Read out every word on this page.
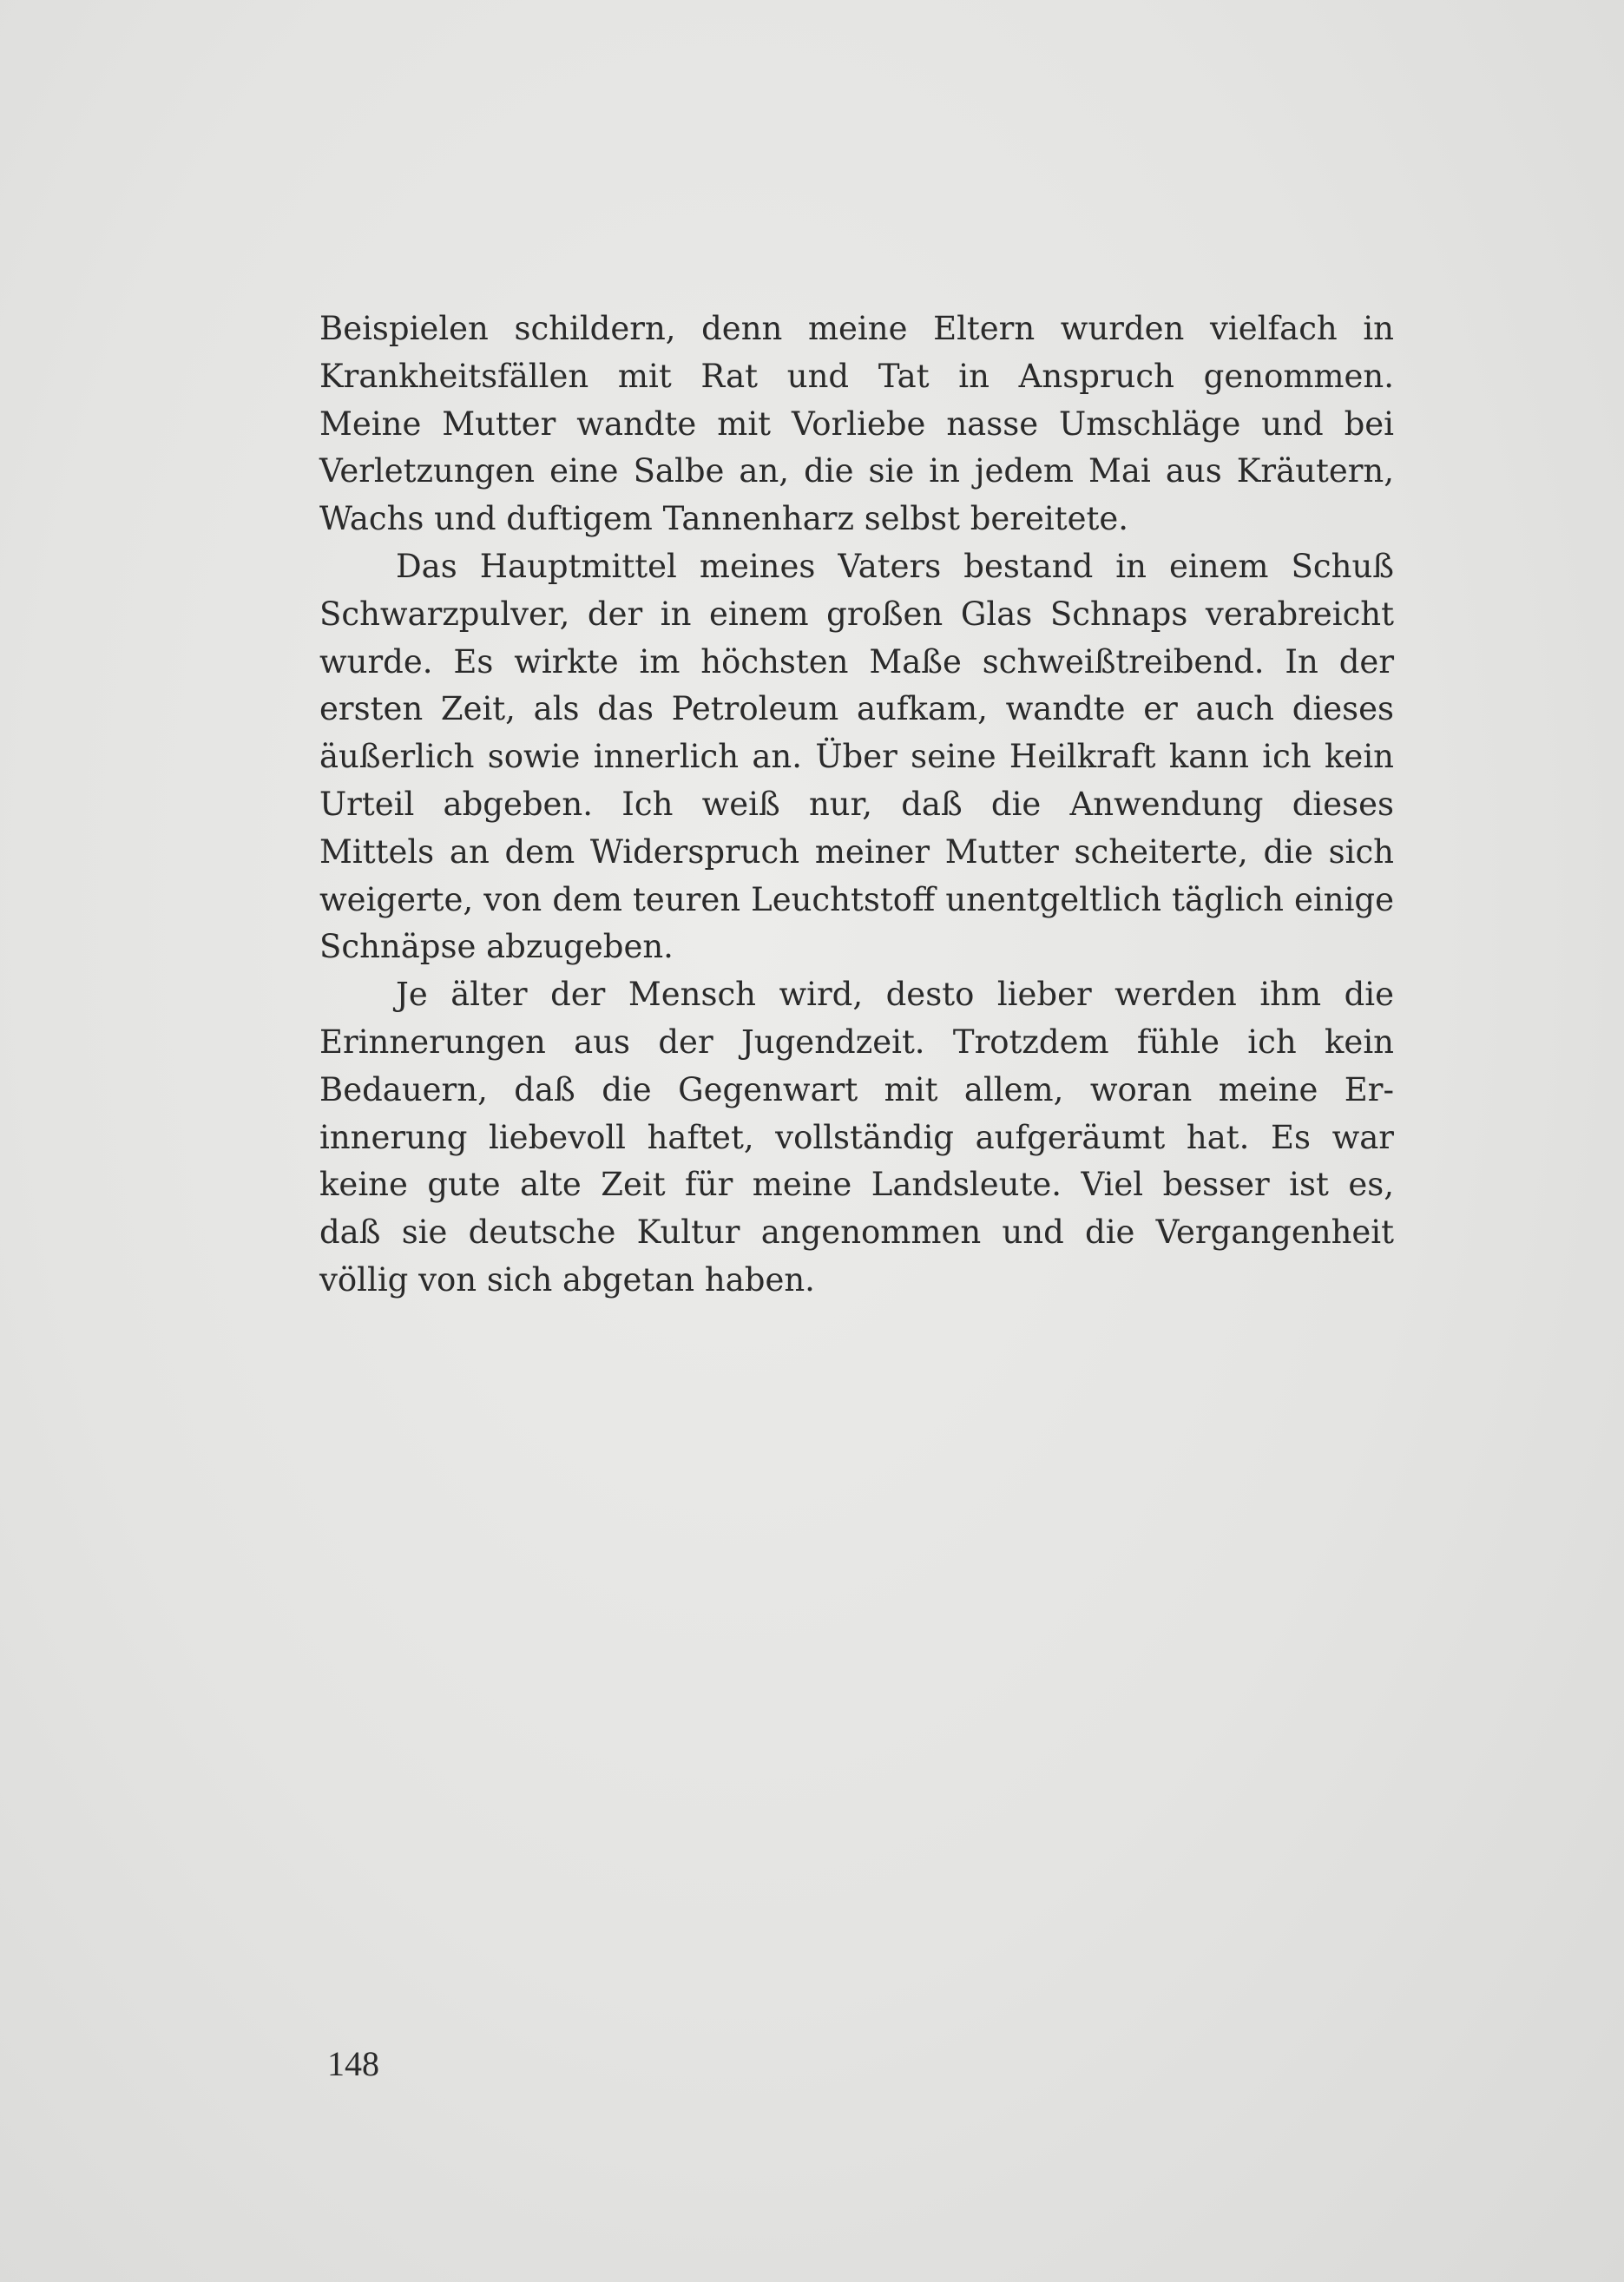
Beispielen schildern, denn meine Eltern wurden vielfach in
Krankheitsfällen mit Rat und Tat in Anspruch genommen.
Meine Mutter wandte mit Vorliebe nasse Umschläge und bei
Verletzungen eine Salbe an, die sie in jedem Mai aus Kräutern,
Wachs und duftigem Tannenharz selbst bereitete.
Das Hauptmittel meines Vaters bestand in einem Schuß
Schwarzpulver, der in einem großen Glas Schnaps verabreicht
wurde. Es wirkte im höchsten Maße schweißtreibend. In der
ersten Zeit, als das Petroleum aufkam, wandte er auch dieses
äußerlich sowie innerlich an. Über seine Heilkraft kann ich kein
Urteil abgeben. Ich weiß nur, daß die Anwendung dieses
Mittels an dem Widerspruch meiner Mutter scheiterte, die sich
weigerte, von dem teuren Leuchtstoff unentgeltlich täglich einige
Schnäpse abzugeben.
Je älter der Mensch wird, desto lieber werden ihm die
Erinnerungen aus der Jugendzeit. Trotzdem fühle ich kein
Bedauern, daß die Gegenwart mit allem, woran meine Er-
innerung liebevoll haftet, vollständig aufgeräumt hat. Es war
keine gute alte Zeit für meine Landsleute. Viel besser ist es,
daß sie deutsche Kultur angenommen und die Vergangenheit
völlig von sich abgetan haben.
148
